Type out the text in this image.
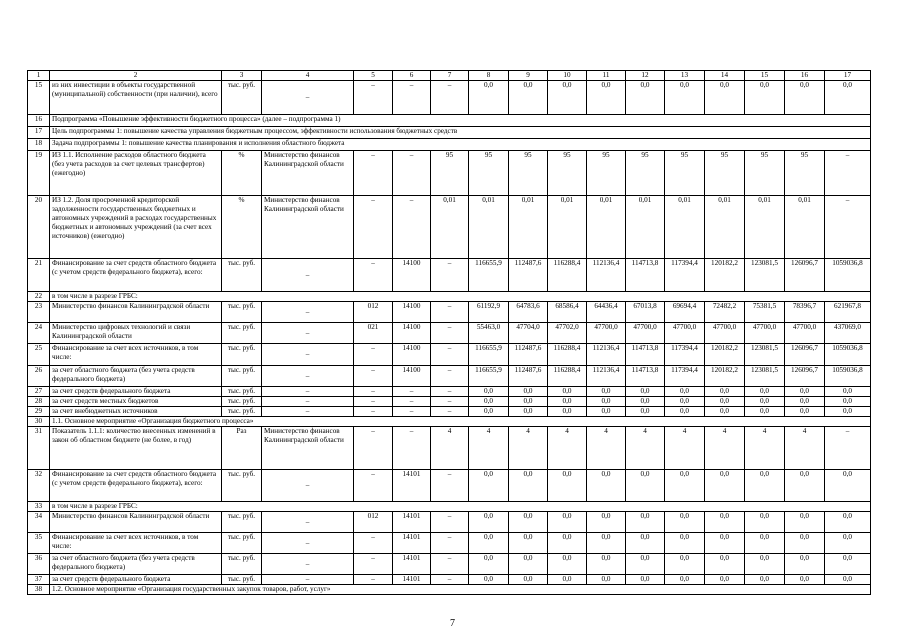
1	2	3	4	5	6	7	8	9	10	11	12	13	14	15	16	17
15	из них инвестиции в объекты государственной (муниципальной) собственности (при наличии), всего	тыс. руб.	–	–	–	–	0,0	0,0	0,0	0,0	0,0	0,0	0,0	0,0	0,0	0,0
16	Подпрограмма «Повышение эффективности бюджетного процесса» (далее – подпрограмма 1)															
17	Цель подпрограммы 1: повышение качества управления бюджетным процессом, эффективности использования бюджетных средств															
18	Задача подпрограммы 1: повышение качества планирования и исполнения областного бюджета															
19	ИЗ 1.1. Исполнение расходов областного бюджета (без учета расходов за счет целевых трансфертов) (ежегодно)	%	Министерство финансов Калининградской области	–	–	95	95	95	95	95	95	95	95	95	95	–
20	ИЗ 1.2. Доля просроченной кредиторской задолженности государственных бюджетных и автономных учреждений в расходах государственных бюджетных и автономных учреждений (за счет всех источников) (ежегодно)	%	Министерство финансов Калининградской области	–	–	0,01	0,01	0,01	0,01	0,01	0,01	0,01	0,01	0,01	0,01	–
21	Финансирование за счет средств областного бюджета (с учетом средств федерального бюджета), всего:	тыс. руб.	–	–	14100	–	116655,9	112487,6	116288,4	112136,4	114713,8	117394,4	120182,2	123081,5	126096,7	1059036,8
22	в том числе в разрезе ГРБС:															
23	Министерство финансов Калининградской области	тыс. руб.	–	012	14100	–	61192,9	64783,6	68586,4	64436,4	67013,8	69694,4	72482,2	75381,5	78396,7	621967,8
24	Министерство цифровых технологий и связи Калининградской области	тыс. руб.	–	021	14100	–	55463,0	47704,0	47702,0	47700,0	47700,0	47700,0	47700,0	47700,0	47700,0	437069,0
25	Финансирование за счет всех источников, в том числе:	тыс. руб.	–	–	14100	–	116655,9	112487,6	116288,4	112136,4	114713,8	117394,4	120182,2	123081,5	126096,7	1059036,8
26	за счет областного бюджета (без учета средств федерального бюджета)	тыс. руб.	–	–	14100	–	116655,9	112487,6	116288,4	112136,4	114713,8	117394,4	120182,2	123081,5	126096,7	1059036,8
27	за счет средств федерального бюджета	тыс. руб.	–	–	–	–	0,0	0,0	0,0	0,0	0,0	0,0	0,0	0,0	0,0	0,0
28	за счет средств местных бюджетов	тыс. руб.	–	–	–	–	0,0	0,0	0,0	0,0	0,0	0,0	0,0	0,0	0,0	0,0
29	за счет внебюджетных источников	тыс. руб.	–	–	–	–	0,0	0,0	0,0	0,0	0,0	0,0	0,0	0,0	0,0	0,0
30	1.1. Основное мероприятие «Организация бюджетного процесса»															
31	Показатель 1.1.1: количество внесенных изменений в закон об областном бюджете (не более, в год)	Раз	Министерство финансов Калининградской области	–	–	4	4	4	4	4	4	4	4	4	4	–
32	Финансирование за счет средств областного бюджета (с учетом средств федерального бюджета), всего:	тыс. руб.	–	–	14101	–	0,0	0,0	0,0	0,0	0,0	0,0	0,0	0,0	0,0	0,0
33	в том числе в разрезе ГРБС:															
34	Министерство финансов Калининградской области	тыс. руб.	–	012	14101	–	0,0	0,0	0,0	0,0	0,0	0,0	0,0	0,0	0,0	0,0
35	Финансирование за счет всех источников, в том числе:	тыс. руб.	–	–	14101	–	0,0	0,0	0,0	0,0	0,0	0,0	0,0	0,0	0,0	0,0
36	за счет областного бюджета (без учета средств федерального бюджета)	тыс. руб.	–	–	14101	–	0,0	0,0	0,0	0,0	0,0	0,0	0,0	0,0	0,0	0,0
37	за счет средств федерального бюджета	тыс. руб.	–	–	14101	–	0,0	0,0	0,0	0,0	0,0	0,0	0,0	0,0	0,0	0,0
38	1.2. Основное мероприятие «Организация государственных закупок товаров, работ, услуг»															
7
